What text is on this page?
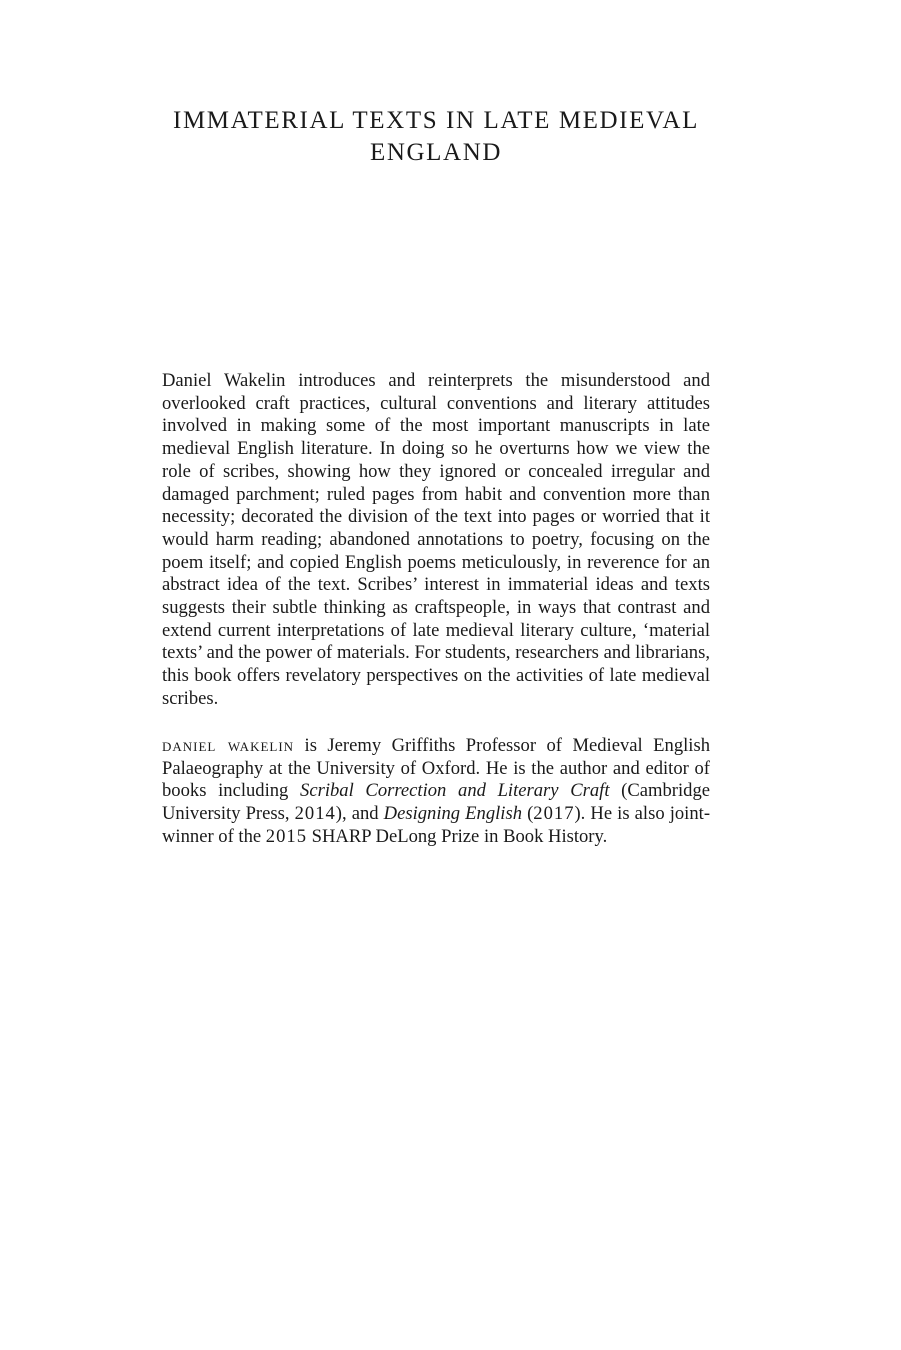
IMMATERIAL TEXTS IN LATE MEDIEVAL
ENGLAND

Daniel Wakelin introduces and reinterprets the misunderstood and overlooked craft practices, cultural conventions and literary attitudes involved in making some of the most important manuscripts in late medieval English literature. In doing so he overturns how we view the role of scribes, showing how they ignored or concealed irregular and damaged parchment; ruled pages from habit and convention more than necessity; decorated the division of the text into pages or worried that it would harm reading; abandoned annotations to poetry, focusing on the poem itself; and copied English poems meticulously, in reverence for an abstract idea of the text. Scribes’ interest in immaterial ideas and texts suggests their subtle thinking as craftspeople, in ways that contrast and extend current interpretations of late medieval literary culture, ‘material texts’ and the power of materials. For students, researchers and librarians, this book offers revelatory perspectives on the activities of late medieval scribes.

daniel wakelin is Jeremy Griffiths Professor of Medieval English Palaeography at the University of Oxford. He is the author and editor of books including Scribal Correction and Literary Craft (Cambridge University Press, 2014), and Designing English (2017). He is also joint-winner of the 2015 SHARP DeLong Prize in Book History.
